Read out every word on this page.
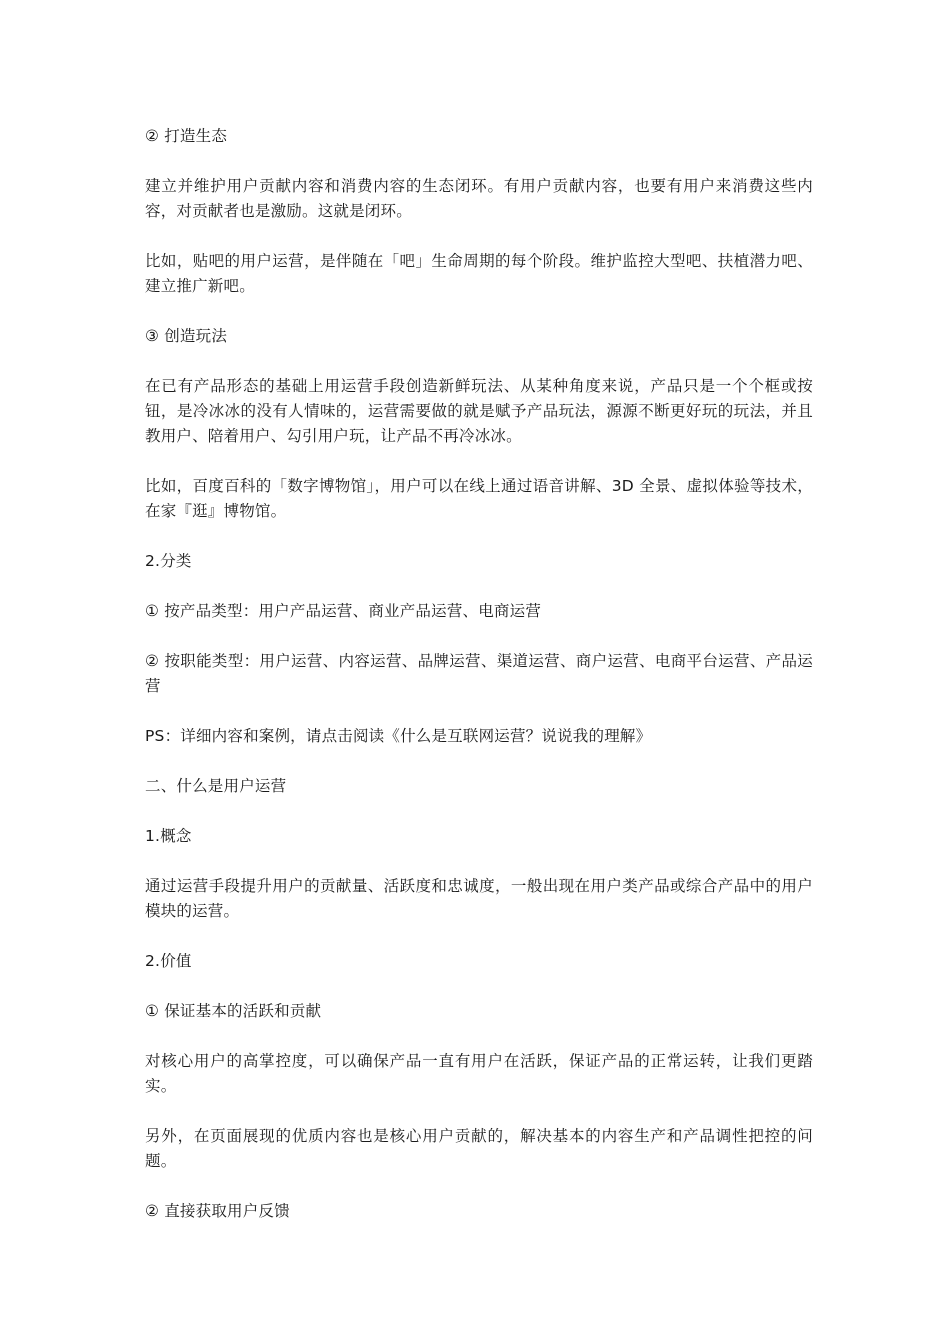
② 打造生态

建立并维护用户贡献内容和消费内容的生态闭环。有用户贡献内容，也要有用户来消费这些内容，对贡献者也是激励。这就是闭环。

比如，贴吧的用户运营，是伴随在「吧」生命周期的每个阶段。维护监控大型吧、扶植潜力吧、建立推广新吧。

③ 创造玩法

在已有产品形态的基础上用运营手段创造新鲜玩法、从某种角度来说，产品只是一个个框或按钮，是冷冰冰的没有人情味的，运营需要做的就是赋予产品玩法，源源不断更好玩的玩法，并且教用户、陪着用户、勾引用户玩，让产品不再冷冰冰。

比如，百度百科的「数字博物馆」，用户可以在线上通过语音讲解、3D 全景、虚拟体验等技术，在家『逛』博物馆。

2.分类

① 按产品类型：用户产品运营、商业产品运营、电商运营

② 按职能类型：用户运营、内容运营、品牌运营、渠道运营、商户运营、电商平台运营、产品运营

PS：详细内容和案例，请点击阅读《什么是互联网运营？说说我的理解》

二、什么是用户运营

1.概念

通过运营手段提升用户的贡献量、活跃度和忠诚度，一般出现在用户类产品或综合产品中的用户模块的运营。

2.价值

① 保证基本的活跃和贡献

对核心用户的高掌控度，可以确保产品一直有用户在活跃，保证产品的正常运转，让我们更踏实。

另外，在页面展现的优质内容也是核心用户贡献的，解决基本的内容生产和产品调性把控的问题。

② 直接获取用户反馈
